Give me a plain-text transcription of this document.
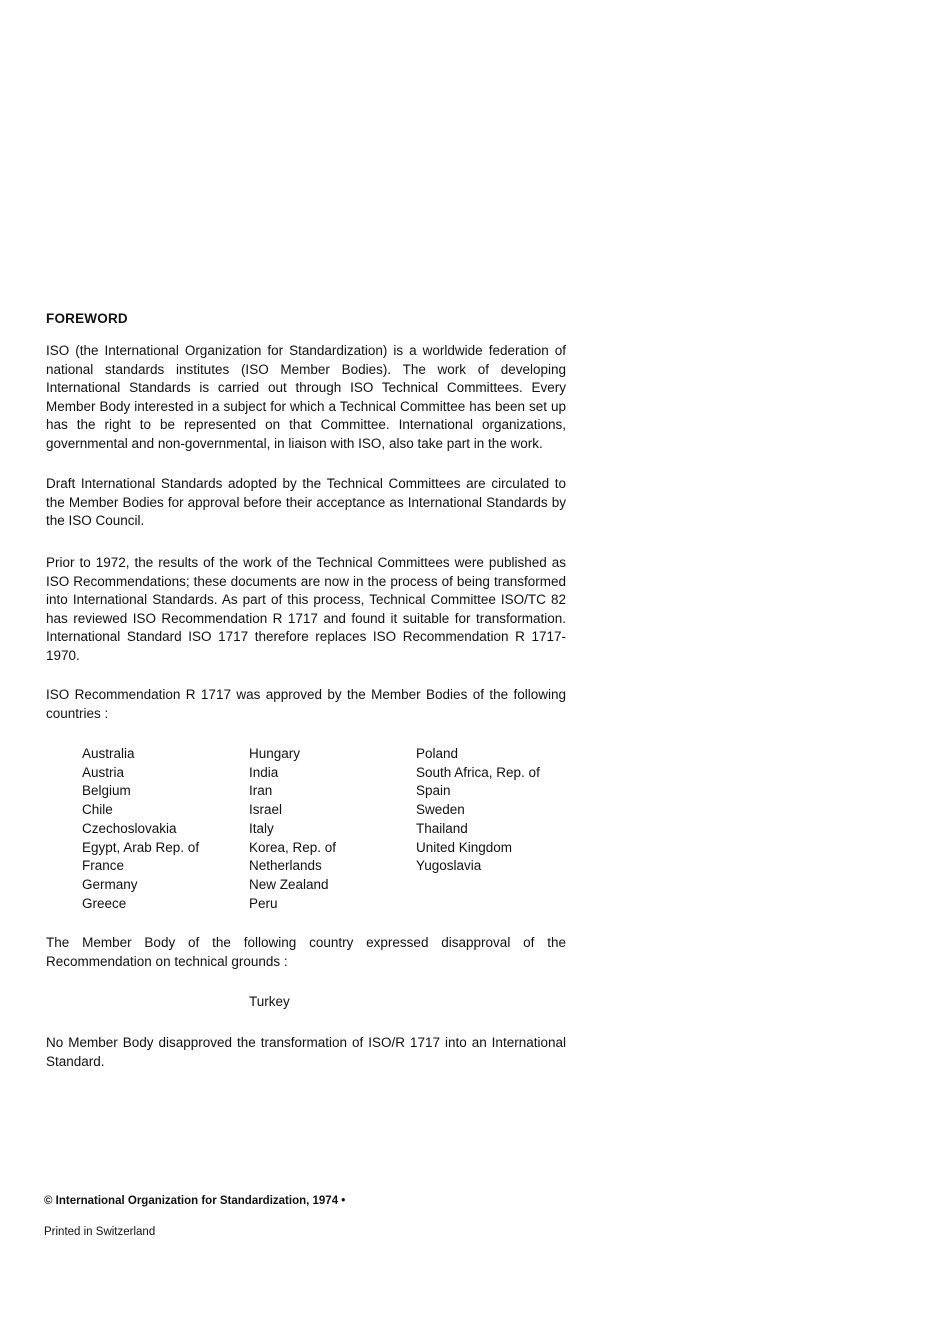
FOREWORD

ISO (the International Organization for Standardization) is a worldwide federation of national standards institutes (ISO Member Bodies). The work of developing International Standards is carried out through ISO Technical Committees. Every Member Body interested in a subject for which a Technical Committee has been set up has the right to be represented on that Committee. International organizations, governmental and non-governmental, in liaison with ISO, also take part in the work.

Draft International Standards adopted by the Technical Committees are circulated to the Member Bodies for approval before their acceptance as International Standards by the ISO Council.

Prior to 1972, the results of the work of the Technical Committees were published as ISO Recommendations; these documents are now in the process of being transformed into International Standards. As part of this process, Technical Committee ISO/TC 82 has reviewed ISO Recommendation R 1717 and found it suitable for transformation. International Standard ISO 1717 therefore replaces ISO Recommendation R 1717-1970.

ISO Recommendation R 1717 was approved by the Member Bodies of the following countries :

Australia
Austria
Belgium
Chile
Czechoslovakia
Egypt, Arab Rep. of
France
Germany
Greece
Hungary
India
Iran
Israel
Italy
Korea, Rep. of
Netherlands
New Zealand
Peru
Poland
South Africa, Rep. of
Spain
Sweden
Thailand
United Kingdom
Yugoslavia

The Member Body of the following country expressed disapproval of the Recommendation on technical grounds :

Turkey

No Member Body disapproved the transformation of ISO/R 1717 into an International Standard.

© International Organization for Standardization, 1974 •
Printed in Switzerland
